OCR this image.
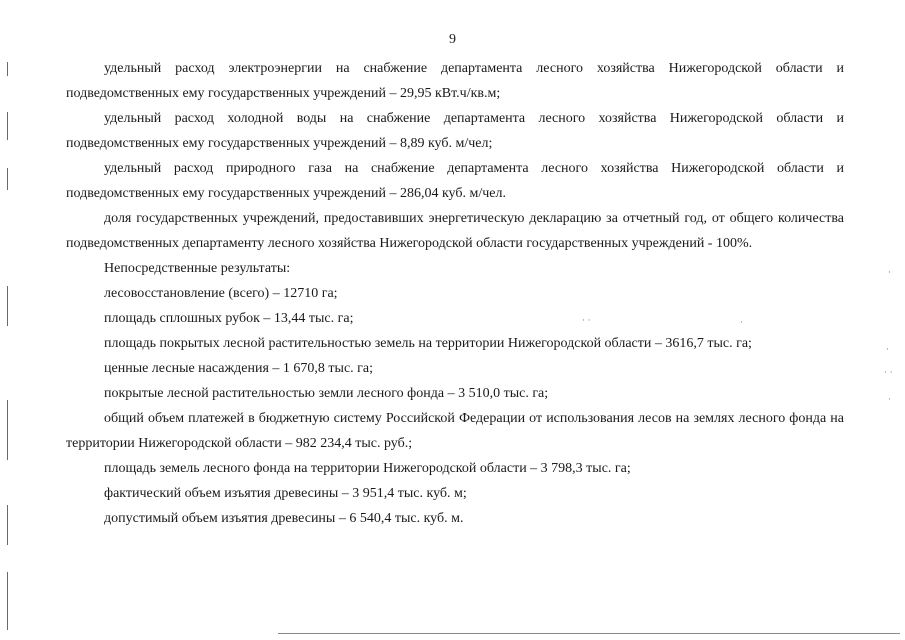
9

удельный расход электроэнергии на снабжение департамента лесного хозяйства Нижегородской области и подведомственных ему государственных учреждений – 29,95 кВт.ч/кв.м;

удельный расход холодной воды на снабжение департамента лесного хозяйства Нижегородской области и подведомственных ему государственных учреждений – 8,89 куб. м/чел;

удельный расход природного газа на снабжение департамента лесного хозяйства Нижегородской области и подведомственных ему государственных учреждений – 286,04 куб. м/чел.

доля государственных учреждений, предоставивших энергетическую декларацию за отчетный год, от общего количества подведомственных департаменту лесного хозяйства Нижегородской области государственных учреждений - 100%.

Непосредственные результаты:

лесовосстановление (всего) – 12710 га;

площадь сплошных рубок – 13,44 тыс. га;

площадь покрытых лесной растительностью земель на территории Нижегородской области – 3616,7 тыс. га;

ценные лесные насаждения – 1 670,8 тыс. га;

покрытые лесной растительностью земли лесного фонда – 3 510,0 тыс. га;

общий объем платежей в бюджетную систему Российской Федерации от использования лесов на землях лесного фонда на территории Нижегородской области – 982 234,4 тыс. руб.;

площадь земель лесного фонда на территории Нижегородской области – 3 798,3 тыс. га;

фактический объем изъятия древесины – 3 951,4 тыс. куб. м;

допустимый объем изъятия древесины – 6 540,4 тыс. куб. м.

·
· ·	·
·
· ·
·
